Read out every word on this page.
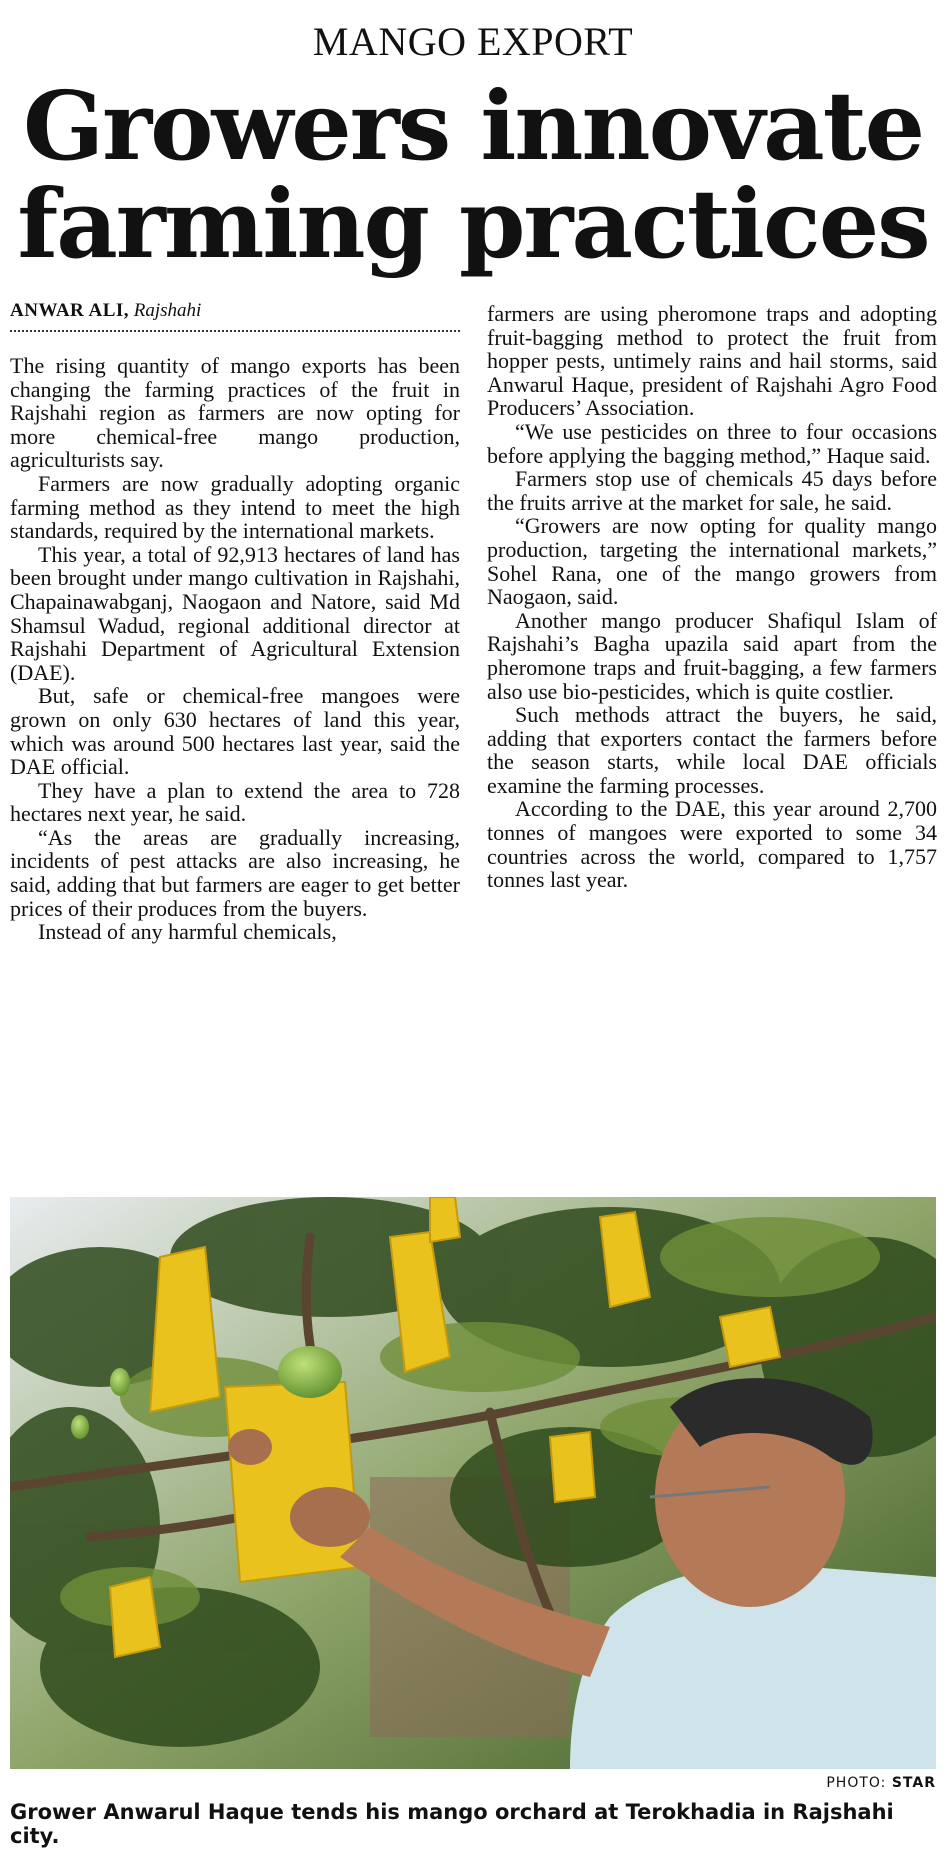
MANGO EXPORT
Growers innovate
farming practices
ANWAR ALI, Rajshahi

The rising quantity of mango exports has been changing the farming practices of the fruit in Rajshahi region as farmers are now opting for more chemical-free mango production, agriculturists say.

Farmers are now gradually adopting organic farming method as they intend to meet the high standards, required by the international markets.

This year, a total of 92,913 hectares of land has been brought under mango cultivation in Rajshahi, Chapainawabganj, Naogaon and Natore, said Md Shamsul Wadud, regional additional director at Rajshahi Department of Agricultural Extension (DAE).

But, safe or chemical-free mangoes were grown on only 630 hectares of land this year, which was around 500 hectares last year, said the DAE official.

They have a plan to extend the area to 728 hectares next year, he said.

“As the areas are gradually increasing, incidents of pest attacks are also increasing, he said, adding that but farmers are eager to get better prices of their produces from the buyers.

Instead of any harmful chemicals,

farmers are using pheromone traps and adopting fruit-bagging method to protect the fruit from hopper pests, untimely rains and hail storms, said Anwarul Haque, president of Rajshahi Agro Food Producers’ Association.

“We use pesticides on three to four occasions before applying the bagging method,” Haque said.

Farmers stop use of chemicals 45 days before the fruits arrive at the market for sale, he said.

“Growers are now opting for quality mango production, targeting the international markets,” Sohel Rana, one of the mango growers from Naogaon, said.

Another mango producer Shafiqul Islam of Rajshahi’s Bagha upazila said apart from the pheromone traps and fruit-bagging, a few farmers also use bio-pesticides, which is quite costlier.

Such methods attract the buyers, he said, adding that exporters contact the farmers before the season starts, while local DAE officials examine the farming processes.

According to the DAE, this year around 2,700 tonnes of mangoes were exported to some 34 countries across the world, compared to 1,757 tonnes last year.

PHOTO: STAR
Grower Anwarul Haque tends his mango orchard at Terokhadia in Rajshahi city.
